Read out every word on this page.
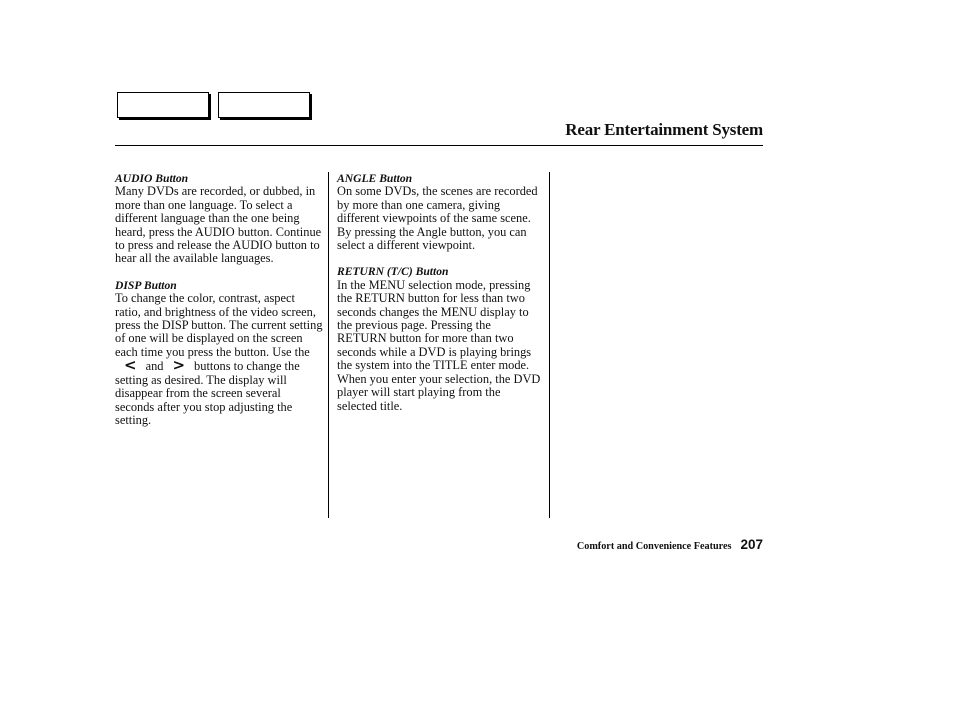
Rear Entertainment System
AUDIO Button

Many DVDs are recorded, or dubbed, in more than one language. To select a different language than the one being heard, press the AUDIO button. Continue to press and release the AUDIO button to hear all the available languages.

DISP Button

To change the color, contrast, aspect ratio, and brightness of the video screen, press the DISP button. The current setting of one will be displayed on the screen each time you press the button. Use the
< and > buttons to change the setting as desired. The display will disappear from the screen several seconds after you stop adjusting the setting.

ANGLE Button

On some DVDs, the scenes are recorded by more than one camera, giving different viewpoints of the same scene. By pressing the Angle button, you can select a different viewpoint.

RETURN (T/C) Button

In the MENU selection mode, pressing the RETURN button for less than two seconds changes the MENU display to the previous page. Pressing the RETURN button for more than two seconds while a DVD is playing brings the system into the TITLE enter mode. When you enter your selection, the DVD player will start playing from the selected title.

Comfort and Convenience Features 207
